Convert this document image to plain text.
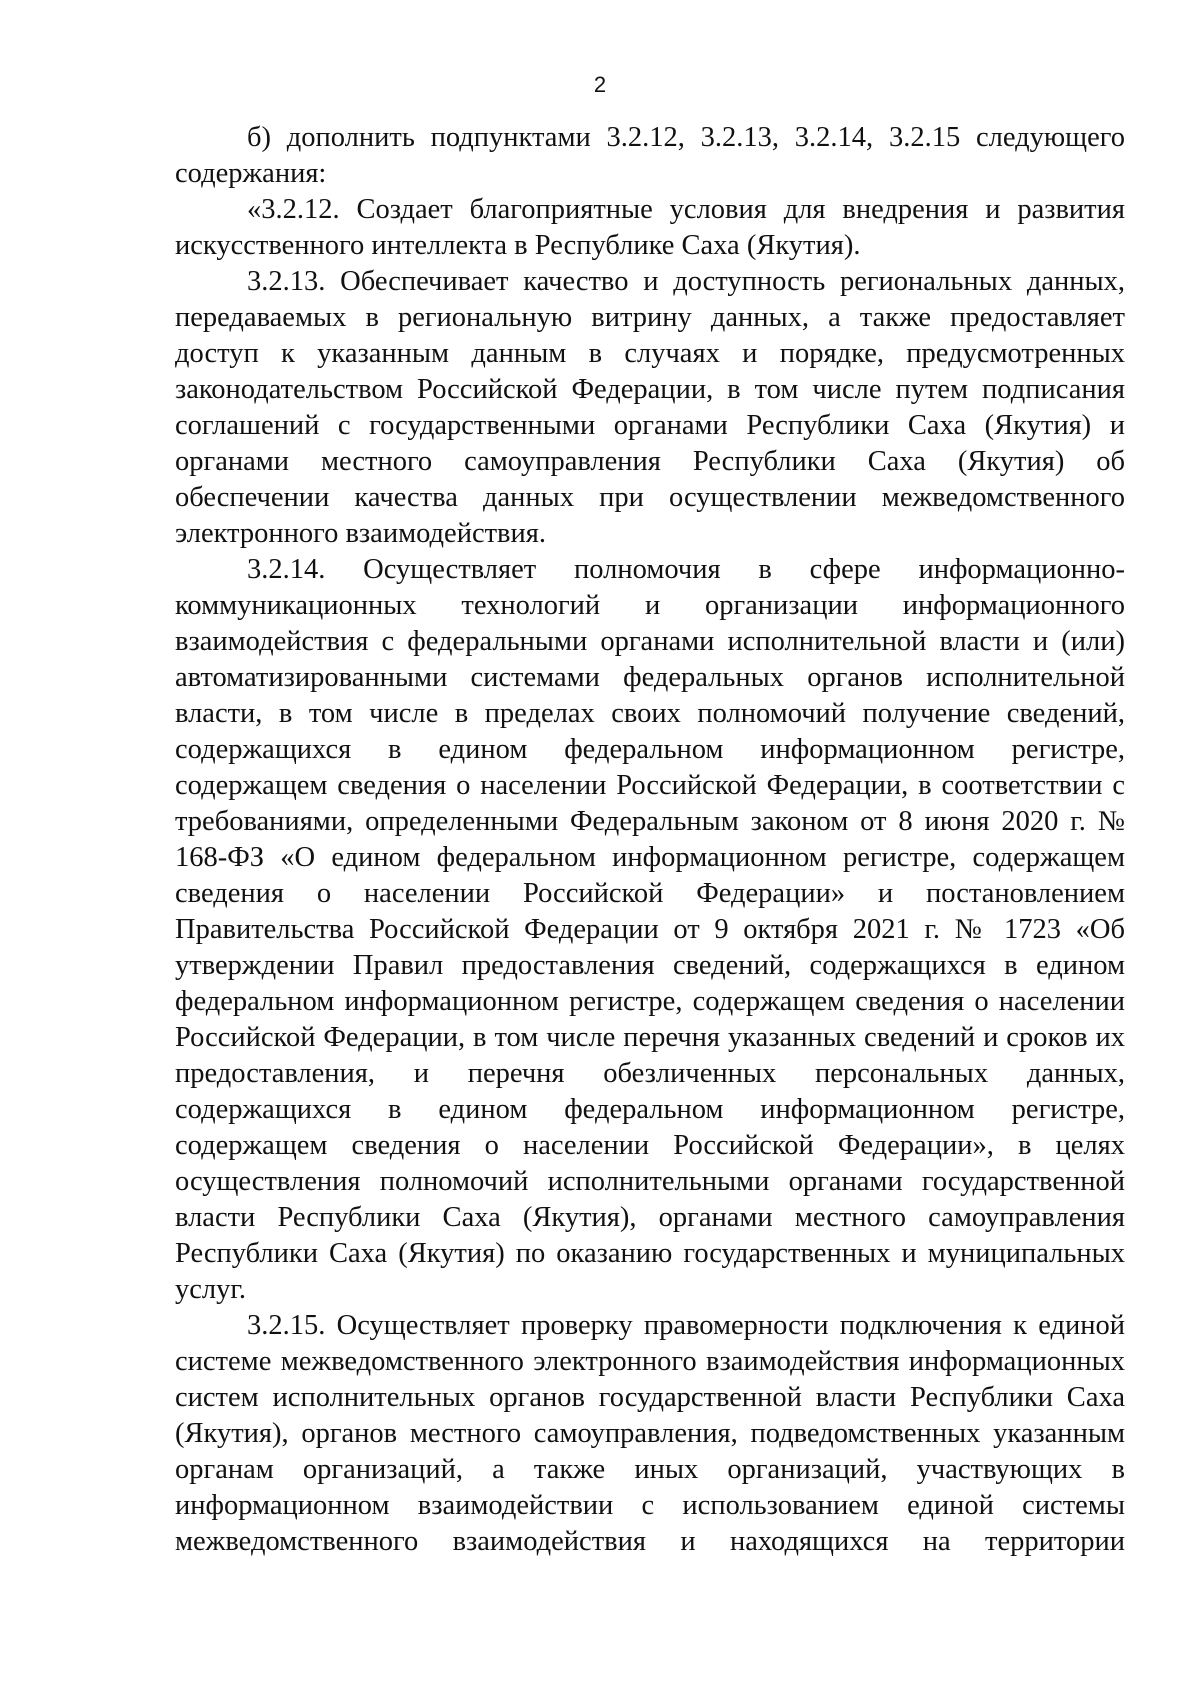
2

б) дополнить подпунктами 3.2.12, 3.2.13, 3.2.14, 3.2.15 следующего содержания:

«3.2.12. Создает благоприятные условия для внедрения и развития искусственного интеллекта в Республике Саха (Якутия).

3.2.13. Обеспечивает качество и доступность региональных данных, передаваемых в региональную витрину данных, а также предоставляет доступ к указанным данным в случаях и порядке, предусмотренных законодательством Российской Федерации, в том числе путем подписания соглашений с государственными органами Республики Саха (Якутия) и органами местного самоуправления Республики Саха (Якутия) об обеспечении качества данных при осуществлении межведомственного электронного взаимодействия.

3.2.14. Осуществляет полномочия в сфере информационно-коммуникационных технологий и организации информационного взаимодействия с федеральными органами исполнительной власти и (или) автоматизированными системами федеральных органов исполнительной власти, в том числе в пределах своих полномочий получение сведений, содержащихся в едином федеральном информационном регистре, содержащем сведения о населении Российской Федерации, в соответствии с требованиями, определенными Федеральным законом от 8 июня 2020 г. № 168-ФЗ «О едином федеральном информационном регистре, содержащем сведения о населении Российской Федерации» и постановлением Правительства Российской Федерации от 9 октября 2021 г. № 1723 «Об утверждении Правил предоставления сведений, содержащихся в едином федеральном информационном регистре, содержащем сведения о населении Российской Федерации, в том числе перечня указанных сведений и сроков их предоставления, и перечня обезличенных персональных данных, содержащихся в едином федеральном информационном регистре, содержащем сведения о населении Российской Федерации», в целях осуществления полномочий исполнительными органами государственной власти Республики Саха (Якутия), органами местного самоуправления Республики Саха (Якутия) по оказанию государственных и муниципальных услуг.

3.2.15. Осуществляет проверку правомерности подключения к единой системе межведомственного электронного взаимодействия информационных систем исполнительных органов государственной власти Республики Саха (Якутия), органов местного самоуправления, подведомственных указанным органам организаций, а также иных организаций, участвующих в информационном взаимодействии с использованием единой системы межведомственного взаимодействия и находящихся на территории
